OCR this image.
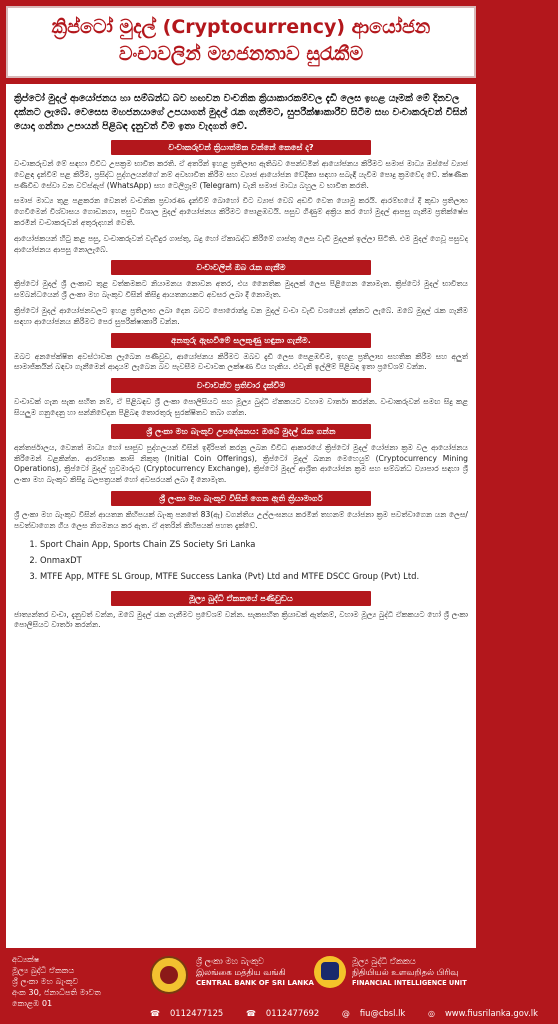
ක්‍රිප්ටෝ මුදල් (Cryptocurrency) ආයෝජන
වංචාවලින් මහජනතාව සුරැකීම
ක්‍රිප්ටෝ මුදල් ආයෝජනය හා සම්බන්ධ බව හඟවන වංචනික ක්‍රියාකාරකම්වල දැඩි ලෙස ඉහළ යෑමක් මේ දිනවල දක්නට ලැබේ. වෙසෙස මහජනයාගේ උපයාගත් මුදල් රැක ගැනීමට, සුපරීක්ෂාකාරීව සිටීම සහ වංචාකරුවන් විසින් යොදා ගන්නා උපායන් පිළිබඳ දැනුවත් වීම ඉතා වැදගත් වේ.
වංචාකරුවන් ක්‍රියාත්මක වන්නේ කෙසේ ද?

වංචාකරුවන් මේ සඳහා විවිධ උපක්‍රම භාවිත කරති. ඒ අතරින් ඉහළ ප්‍රතිලාභ ඇතිබව පෙන්වමින් ආයෝජනය කිරීමට සමාජ මාධ්‍ය ඔස්සේ ව්‍යාජ වෙළඳ දැන්වීම් පළ කිරීම, ප්‍රසිද්ධ පුද්ගලයන්ගේ නම් අවභාවිත කිරීම සහ ව්‍යාජ ආයෝජන වේදිකා සඳහා සබැඳි යැවීම පොදු ක්‍රමවේද වේ. ක්ෂණික පණිවිඩ සේවා වන වට්ස්ඇප් (WhatsApp) සහ ටෙලිග්‍රෑම් (Telegram) වැනි සමාජ මාධ්‍ය බහුල ව භාවිත කරති.

සමාජ මාධ්‍ය තුළ පළකරන වෙනත් වංචනික ප්‍රචාරණ දැන්වීම් බොහෝ විට ව්‍යාජ වෙබ් අඩවි වෙත යොමු කරයි. ආරම්භයේ දී කුඩා ප්‍රතිලාභ ගෙවීමෙන් විශ්වාසය ගොඩනගා, පසුව විශාල මුදල් ආයෝජනය කිරීමට පොළඹවයි. පසුව ගිණුම් අක්‍රිය කර හෝ මුදල් ආපසු ගැනීම ප්‍රතික්ෂේප කරමින් වංචාකරුවන් අතුරුදහන් වෙති.

ආයෝජකයන් හිටු කළ පසු, වංචාකරුවන් වැඩිදුර ගාස්තු, බදු හෝ ඒකාබද්ධ කිරීමේ ගාස්තු ලෙස වැඩි මුදලක් ඉල්ලා සිටිති. එම මුදල් ගෙවූ පසුවද ආයෝජනය ආපසු නොලැබේ.

වංචාවලින් ඔබ රැක ගැනීම

ක්‍රිප්ටෝ මුදල් ශ්‍රී ලංකාව තුළ වත්කමකට නියාමනය නොවන අතර, එය නෛතික මුදලක් ලෙස පිළිගෙන නොමැත. ක්‍රිප්ටෝ මුදල් භාවිතය සම්බන්ධයෙන් ශ්‍රී ලංකා මහ බැංකුව විසින් කිසිදු ආයතනයකට අවසර ලබා දී නොමැත.

ක්‍රිප්ටෝ මුදල් ආයෝජනවලට ඉහළ ප්‍රතිලාභ ලබා දෙන බවට පොරොන්දු වන මුදල් වංචා වැඩි වශයෙන් දක්නට ලැබේ. ඔබේ මුදල් රැක ගැනීම සඳහා ආයෝජනය කිරීමට පෙර සුපරීක්ෂාකාරී වන්න.

අනතුරු ඇඟවීමේ සලකුණු හඳුනා ගැනීම.

ඔබට අනපේක්ෂිත අවස්ථාවක ලැබෙන පණිවුඩ, ආයෝජනය කිරීමට ඔබව දැඩි ලෙස පෙළඹවීම, ඉහළ ප්‍රතිලාභ සහතික කිරීම සහ අලුත් සාමාජිකයින් බඳවා ගැනීමෙන් ආදායම් ලැබෙන බව පැවසීම වංචාවක ලක්ෂණ විය හැකිය. එවැනි ඉල්ලීම් පිළිබඳ ඉතා ප්‍රවේශම් වන්න.

වංචාවන්ට ප්‍රතිචාර දැක්වීම

වංචාවක් ගැන සැක සහිත නම්, ඒ පිළිබඳව ශ්‍රී ලංකා පොලිසියට සහ මූල්‍ය බුද්ධි ඒකකයට වහාම වාර්තා කරන්න. වංචාකරුවන් සමඟ සිදු කළ සියලුම ගනුදෙනු හා සන්නිවේදන පිළිබඳ තොරතුරු සුරක්ෂිතව තබා ගන්න.

ශ්‍රී ලංකා මහ බැංකුව උපදේශනය: ඔබේ මුදල් රැක ගන්න

අන්තර්ජාලය, වෙනත් මාධ්‍ය හෝ සෘජුව පුද්ගලයන් විසින් ඉදිරිපත් කරනු ලබන විවිධ ආකාරයේ ක්‍රිප්ටෝ මුදල් යෝජනා ක්‍රම වල ආයෝජනය කිරීමෙන් වළකින්න. ආරම්භක කාසි නිකුතු (Initial Coin Offerings), ක්‍රිප්ටෝ මුදල් ඛනන මෙහෙයුම් (Cryptocurrency Mining Operations), ක්‍රිප්ටෝ මුදල් හුවමාරුව (Cryptocurrency Exchange), ක්‍රිප්ටෝ මුදල් ආශ්‍රිත ආයෝජන ක්‍රම සහ සම්බන්ධ ව්‍යාපාර සඳහා ශ්‍රී ලංකා මහ බැංකුව කිසිදු බලපත්‍රයක් හෝ අවසරයක් ලබා දී නොමැත.

ශ්‍රී ලංකා මහ බැංකුව විසින් ගෙන ඇති ක්‍රියාමාර්ග

ශ්‍රී ලංකා මහ බැංකුව විසින් ආයතන කිහිපයක් බැංකු පනතේ 83(ඇ) වගන්තිය උල්ලංඝනය කරමින් තහනම් යෝජනා ක්‍රම පවත්වාගෙන යන ලෙස/පවත්වාගෙන ගිය ලෙස නිගමනය කර ඇත. ඒ අතරින් කිහිපයක් පහත දැක්වේ.

1. Sport Chain App, Sports Chain ZS Society Sri Lanka
2. OnmaxDT
3. MTFE App, MTFE SL Group, MTFE Success Lanka (Pvt) Ltd and MTFE DSCC Group (Pvt) Ltd.
මූල්‍ය බුද්ධි ඒකකයේ පණිවුඩය

ජාත්‍යන්තර වංචා, දැනුවත් වන්න, ඔබේ මුදල් රැක ගැනීමට ප්‍රවේශම් වන්න. සැකසහිත ක්‍රියාවක් ඇත්නම්, වහාම මූල්‍ය බුද්ධි ඒකකයට හෝ ශ්‍රී ලංකා පොලිසියට වාර්තා කරන්න.

අධ්‍යක්ෂ
මූල්‍ය බුද්ධි ඒකකය
ශ්‍රී ලංකා මහ බැංකුව
අංක 30, ජනාධිපති මාවත
කොළඹ 01
ශ්‍රී ලංකා මහ බැංකුව
இலங்கை மத்திய வங்கி
CENTRAL BANK OF SRI LANKA
මූල්‍ය බුද්ධි ඒකකය
நிதியியல் உளவறிதல் பிரிவு
FINANCIAL INTELLIGENCE UNIT
☎ 0112477125	☎ 0112477692	@ fiu@cbsl.lk	◎ www.fiusrilanka.gov.lk
